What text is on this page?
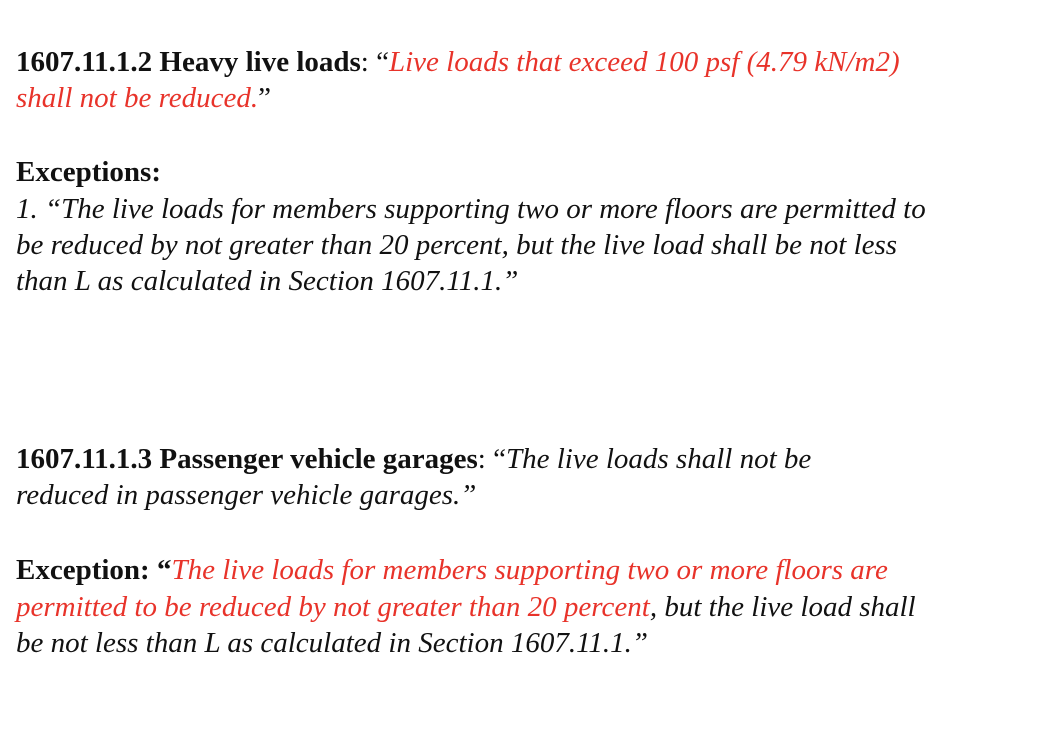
1607.11.1.2 Heavy live loads: “Live loads that exceed 100 psf (4.79 kN/m2)
shall not be reduced.”
Exceptions:
1. “The live loads for members supporting two or more floors are permitted to
be reduced by not greater than 20 percent, but the live load shall be not less
than L as calculated in Section 1607.11.1.”
1607.11.1.3 Passenger vehicle garages: “The live loads shall not be
reduced in passenger vehicle garages.”
Exception: “The live loads for members supporting two or more floors are
permitted to be reduced by not greater than 20 percent, but the live load shall
be not less than L as calculated in Section 1607.11.1.”
